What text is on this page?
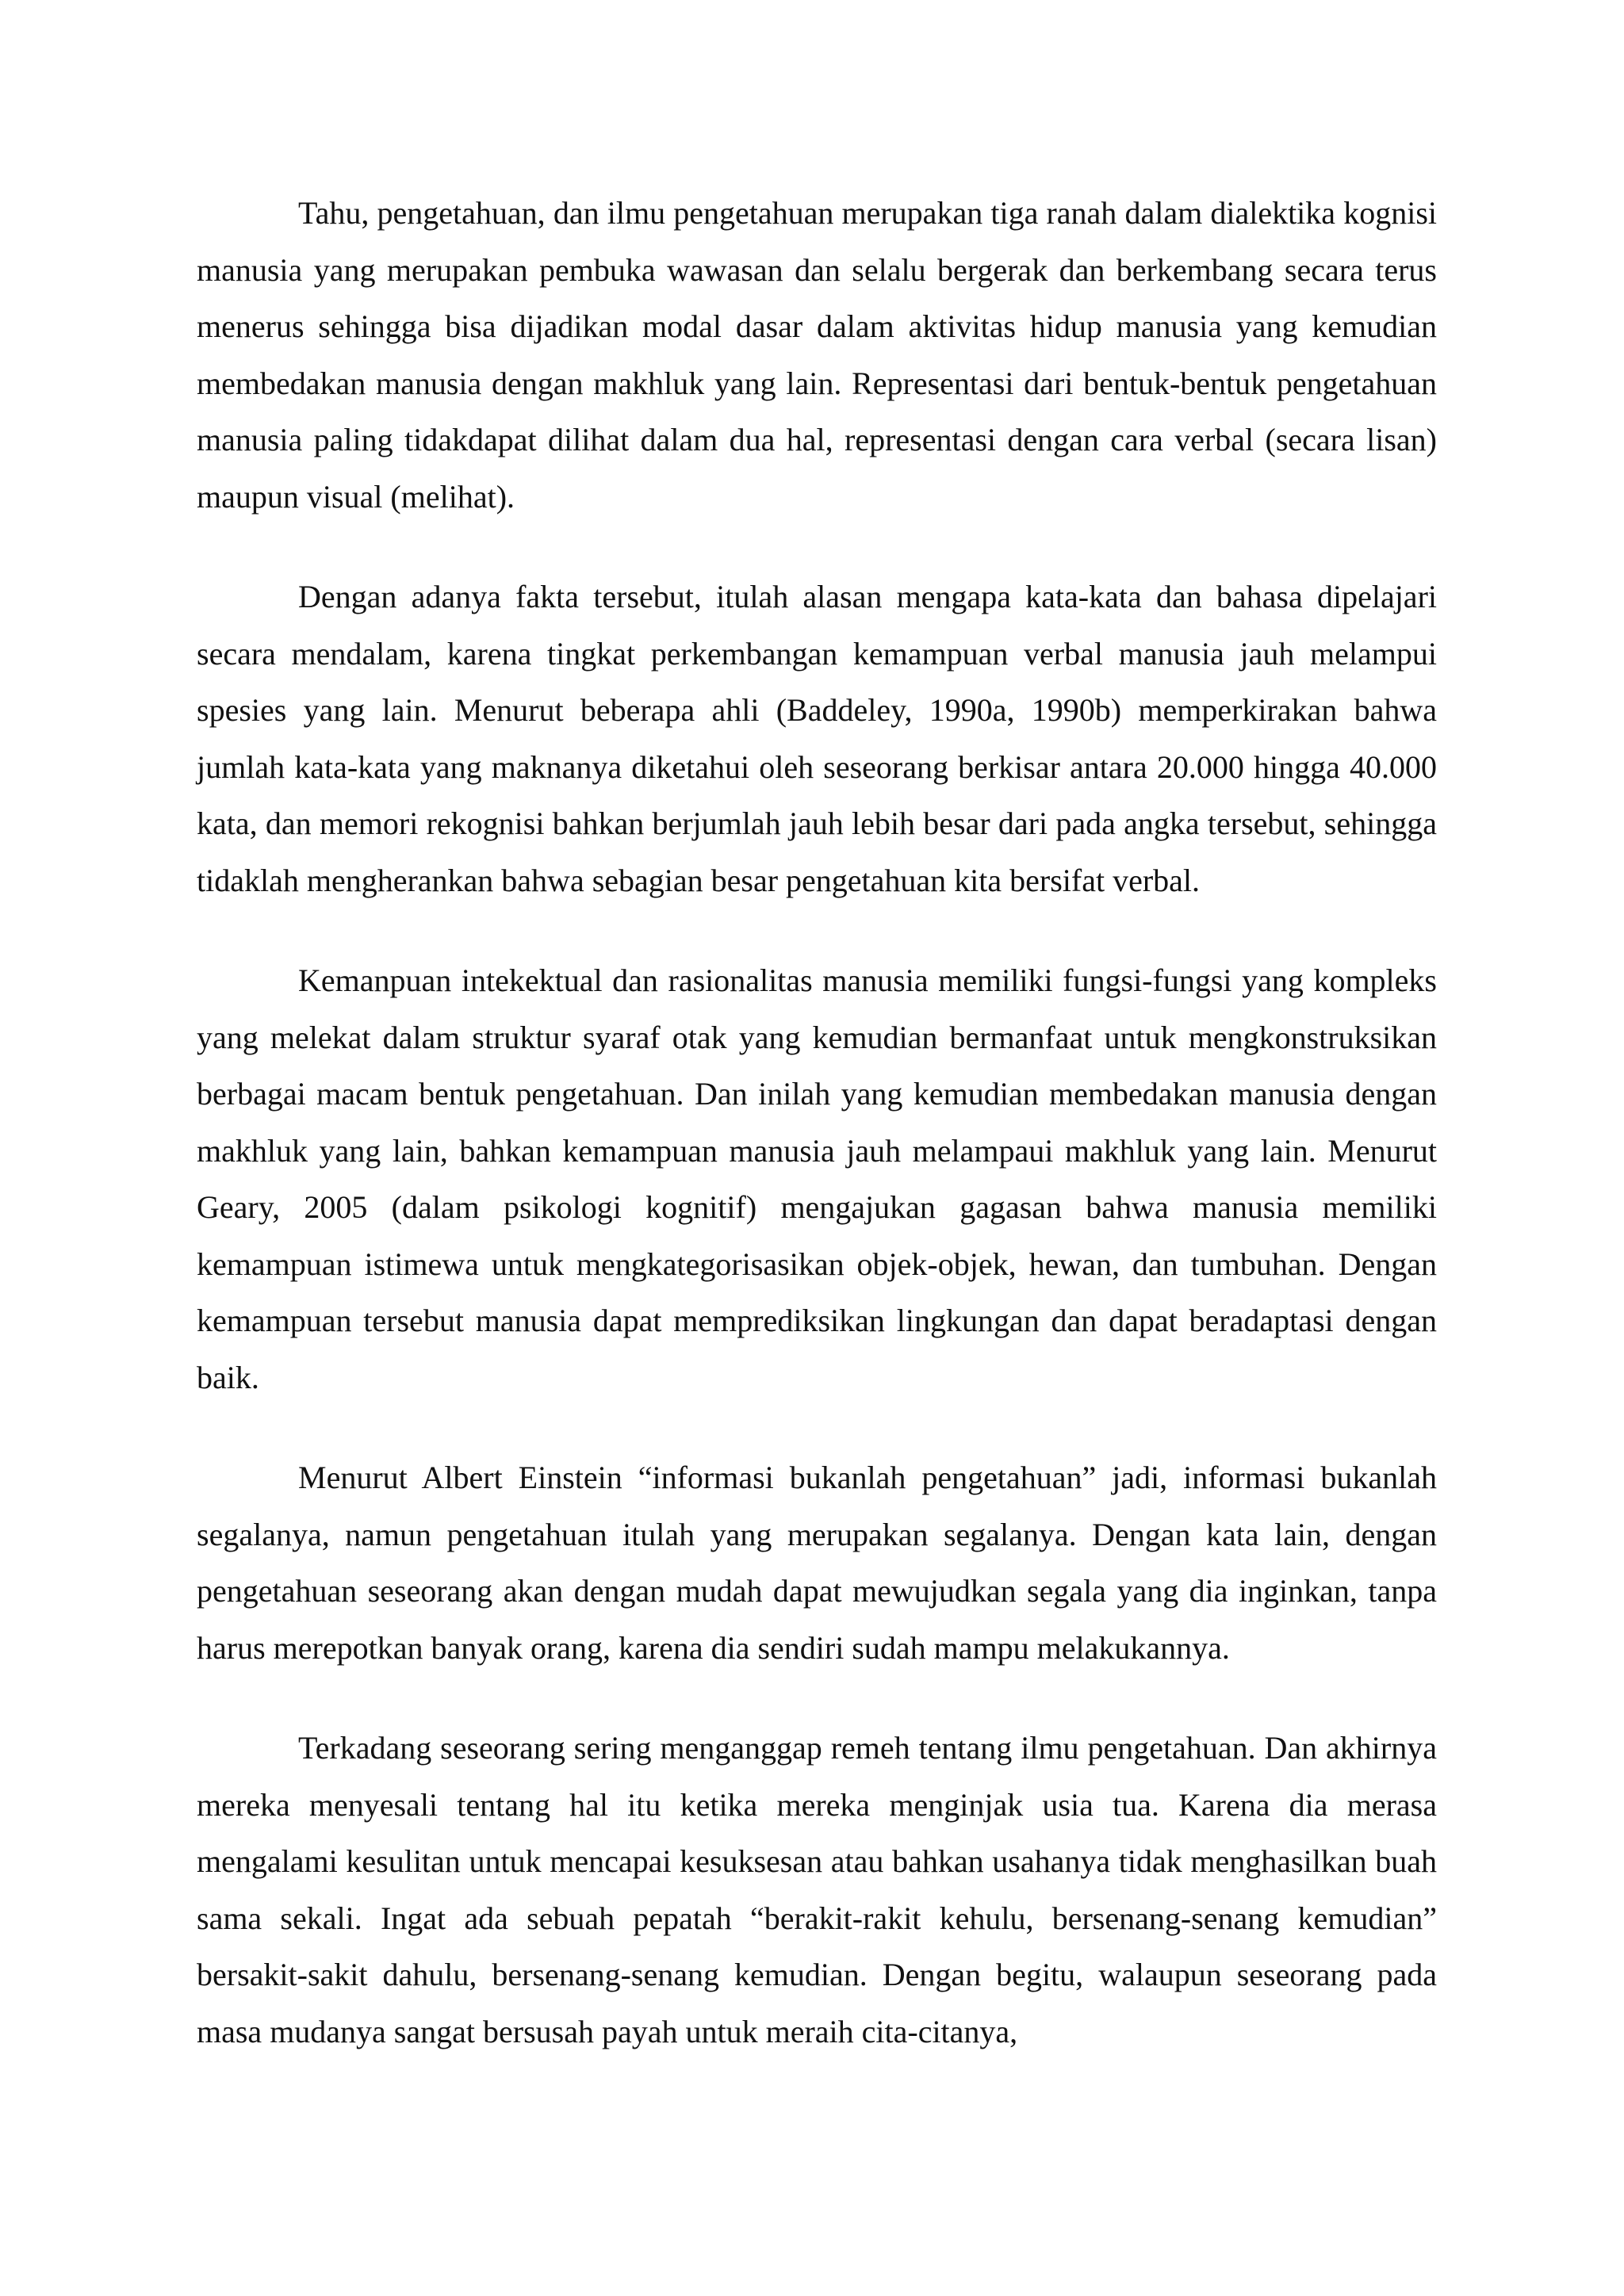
Tahu, pengetahuan, dan ilmu pengetahuan merupakan tiga ranah dalam dialektika kognisi manusia yang merupakan pembuka wawasan dan selalu bergerak dan berkembang secara terus menerus sehingga bisa dijadikan modal dasar dalam aktivitas hidup manusia yang kemudian membedakan manusia dengan makhluk yang lain. Representasi dari bentuk-bentuk pengetahuan manusia paling tidakdapat dilihat dalam dua hal, representasi dengan cara verbal (secara lisan) maupun visual (melihat).

Dengan adanya fakta tersebut, itulah alasan mengapa kata-kata dan bahasa dipelajari secara mendalam, karena tingkat perkembangan kemampuan verbal manusia jauh melampui spesies yang lain. Menurut beberapa ahli (Baddeley, 1990a, 1990b) memperkirakan bahwa jumlah kata-kata yang maknanya diketahui oleh seseorang berkisar antara 20.000 hingga 40.000 kata, dan memori rekognisi bahkan berjumlah jauh lebih besar dari pada angka tersebut, sehingga tidaklah mengherankan bahwa sebagian besar pengetahuan kita bersifat verbal.

Kemanpuan intekektual dan rasionalitas manusia memiliki fungsi-fungsi yang kompleks yang melekat dalam struktur syaraf otak yang kemudian bermanfaat untuk mengkonstruksikan berbagai macam bentuk pengetahuan. Dan inilah yang kemudian membedakan manusia dengan makhluk yang lain, bahkan kemampuan manusia jauh melampaui makhluk yang lain. Menurut Geary, 2005 (dalam psikologi kognitif) mengajukan gagasan bahwa manusia memiliki kemampuan istimewa untuk mengkategorisasikan objek-objek, hewan, dan tumbuhan. Dengan kemampuan tersebut manusia dapat memprediksikan lingkungan dan dapat beradaptasi dengan baik.

Menurut Albert Einstein “informasi bukanlah pengetahuan” jadi, informasi bukanlah segalanya, namun pengetahuan itulah yang merupakan segalanya. Dengan kata lain, dengan pengetahuan seseorang akan dengan mudah dapat mewujudkan segala yang dia inginkan, tanpa harus merepotkan banyak orang, karena dia sendiri sudah mampu melakukannya.

Terkadang seseorang sering menganggap remeh tentang ilmu pengetahuan. Dan akhirnya mereka menyesali tentang hal itu ketika mereka menginjak usia tua. Karena dia merasa mengalami kesulitan untuk mencapai kesuksesan atau bahkan usahanya tidak menghasilkan buah sama sekali. Ingat ada sebuah pepatah “berakit-rakit kehulu, bersenang-senang kemudian” bersakit-sakit dahulu, bersenang-senang kemudian. Dengan begitu, walaupun seseorang pada masa mudanya sangat bersusah payah untuk meraih cita-citanya,
